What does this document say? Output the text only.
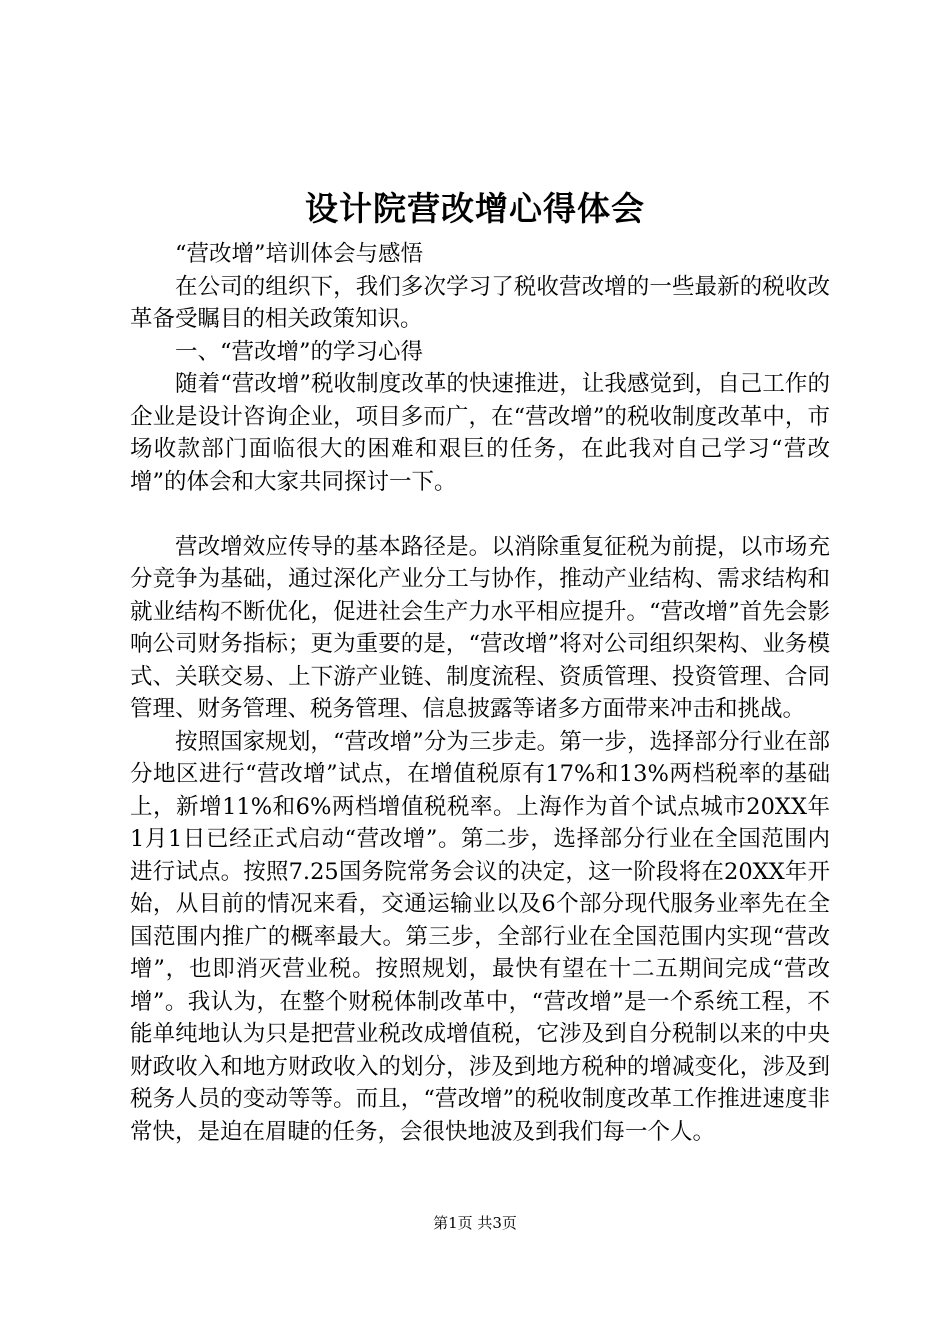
设计院营改增心得体会

“营改增”培训体会与感悟

在公司的组织下，我们多次学习了税收营改增的一些最新的税收改革备受瞩目的相关政策知识。

一、“营改增”的学习心得

随着“营改增”税收制度改革的快速推进，让我感觉到，自己工作的企业是设计咨询企业，项目多而广，在“营改增”的税收制度改革中，市场收款部门面临很大的困难和艰巨的任务，在此我对自己学习“营改增”的体会和大家共同探讨一下。

营改增效应传导的基本路径是。以消除重复征税为前提，以市场充分竞争为基础，通过深化产业分工与协作，推动产业结构、需求结构和就业结构不断优化，促进社会生产力水平相应提升。“营改增”首先会影响公司财务指标；更为重要的是，“营改增”将对公司组织架构、业务模式、关联交易、上下游产业链、制度流程、资质管理、投资管理、合同管理、财务管理、税务管理、信息披露等诸多方面带来冲击和挑战。

按照国家规划，“营改增”分为三步走。第一步，选择部分行业在部分地区进行“营改增”试点，在增值税原有17%和13%两档税率的基础上，新增11%和6%两档增值税税率。上海作为首个试点城市20XX年1月1日已经正式启动“营改增”。第二步，选择部分行业在全国范围内进行试点。按照7.25国务院常务会议的决定，这一阶段将在20XX年开始，从目前的情况来看，交通运输业以及6个部分现代服务业率先在全国范围内推广的概率最大。第三步，全部行业在全国范围内实现“营改增”，也即消灭营业税。按照规划，最快有望在十二五期间完成“营改增”。我认为，在整个财税体制改革中，“营改增”是一个系统工程，不能单纯地认为只是把营业税改成增值税，它涉及到自分税制以来的中央财政收入和地方财政收入的划分，涉及到地方税种的增减变化，涉及到税务人员的变动等等。而且，“营改增”的税收制度改革工作推进速度非常快，是迫在眉睫的任务，会很快地波及到我们每一个人。

第1页 共3页
